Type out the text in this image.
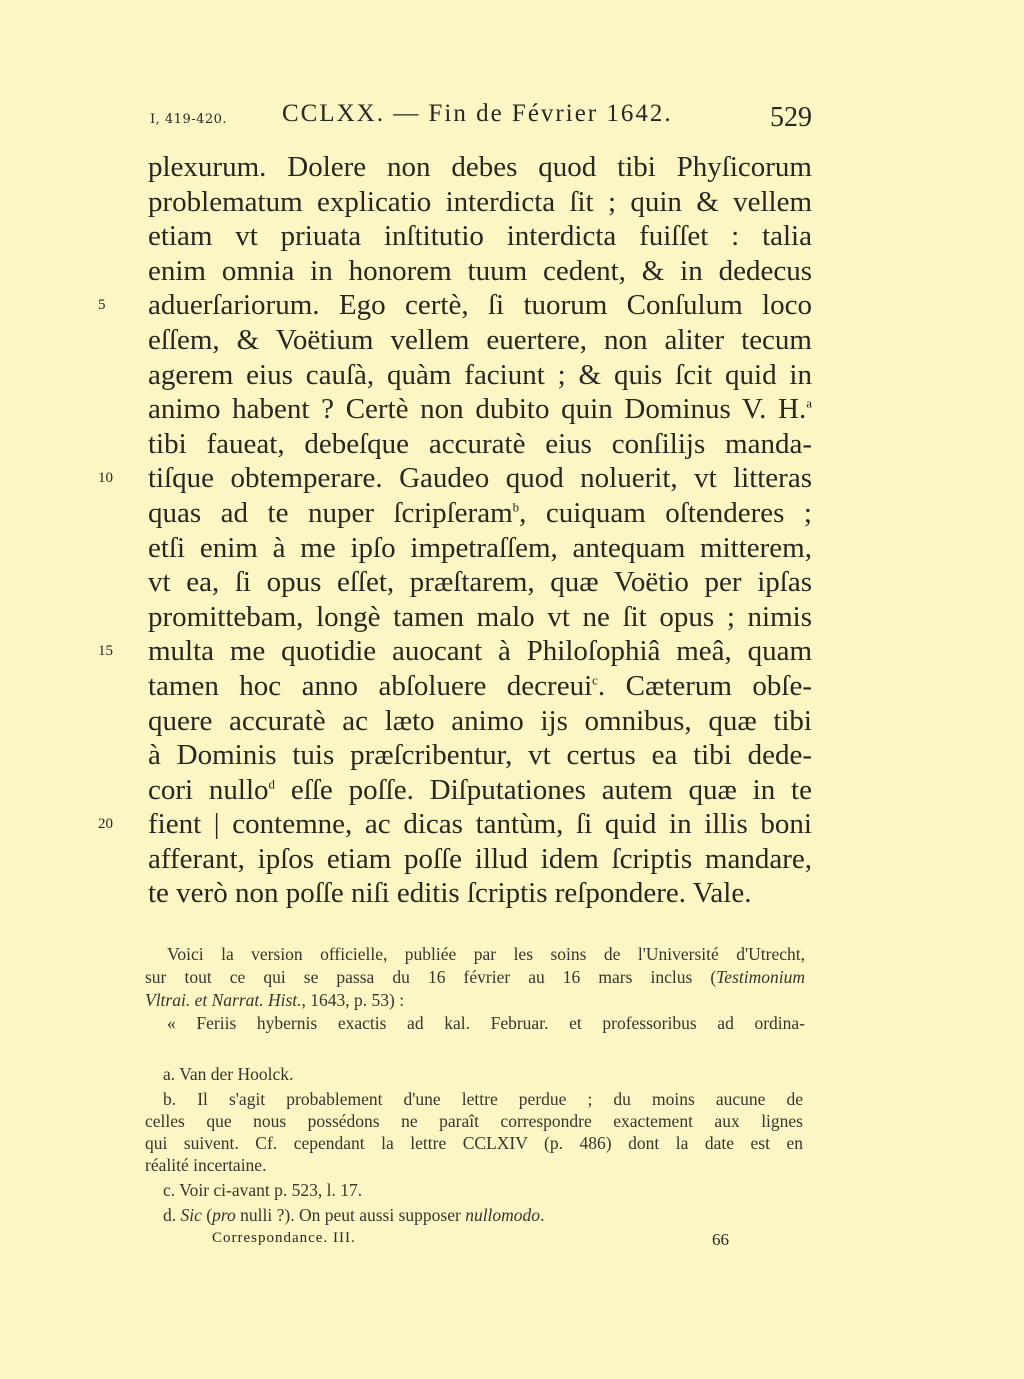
I, 419-420. CCLXX. — Fin de Février 1642.	529
plexurum. Dolere non debes quod tibi Phyſicorum
problematum explicatio interdicta ſit ; quin & vellem
etiam vt priuata inſtitutio interdicta fuiſſet : talia
enim omnia in honorem tuum cedent, & in dedecus
5	aduerſariorum. Ego certè, ſi tuorum Conſulum loco
eſſem, & Voëtium vellem euertere, non aliter tecum
agerem eius cauſà, quàm faciunt ; & quis ſcit quid in
animo habent ? Certè non dubito quin Dominus V. H.$^a$
tibi faueat, debeſque accuratè eius conſilijs manda-
10	tiſque obtemperare. Gaudeo quod noluerit, vt litteras
quas ad te nuper ſcripſeram$^b$, cuiquam oſtenderes ;
etſi enim à me ipſo impetraſſem, antequam mitterem,
vt ea, ſi opus eſſet, præſtarem, quæ Voëtio per ipſas
promittebam, longè tamen malo vt ne ſit opus ; nimis
15	multa me quotidie auocant à Philoſophiâ meâ, quam
tamen hoc anno abſoluere decreui$^c$. Cæterum obſe-
quere accuratè ac læto animo ijs omnibus, quæ tibi
à Dominis tuis præſcribentur, vt certus ea tibi dede-
cori nullo$^d$ eſſe poſſe. Diſputationes autem quæ in te
20	fient | contemne, ac dicas tantùm, ſi quid in illis boni
afferant, ipſos etiam poſſe illud idem ſcriptis mandare,
te verò non poſſe niſi editis ſcriptis reſpondere. Vale.
Voici la version officielle, publiée par les soins de l'Université d'Utrecht,
sur tout ce qui se passa du 16 février au 16 mars inclus (Testimonium
Vltrai. et Narrat. Hist., 1643, p. 53) :
« Feriis hybernis exactis ad kal. Februar. et professoribus ad ordina-
a. Van der Hoolck.
b. Il s'agit probablement d'une lettre perdue ; du moins aucune de
celles que nous possédons ne paraît correspondre exactement aux lignes
qui suivent. Cf. cependant la lettre CCLXIV (p. 486) dont la date est en
réalité incertaine.
c. Voir ci-avant p. 523, l. 17.
d. Sic (pro nulli ?). On peut aussi supposer nullomodo.
Correspondance. III.	66
